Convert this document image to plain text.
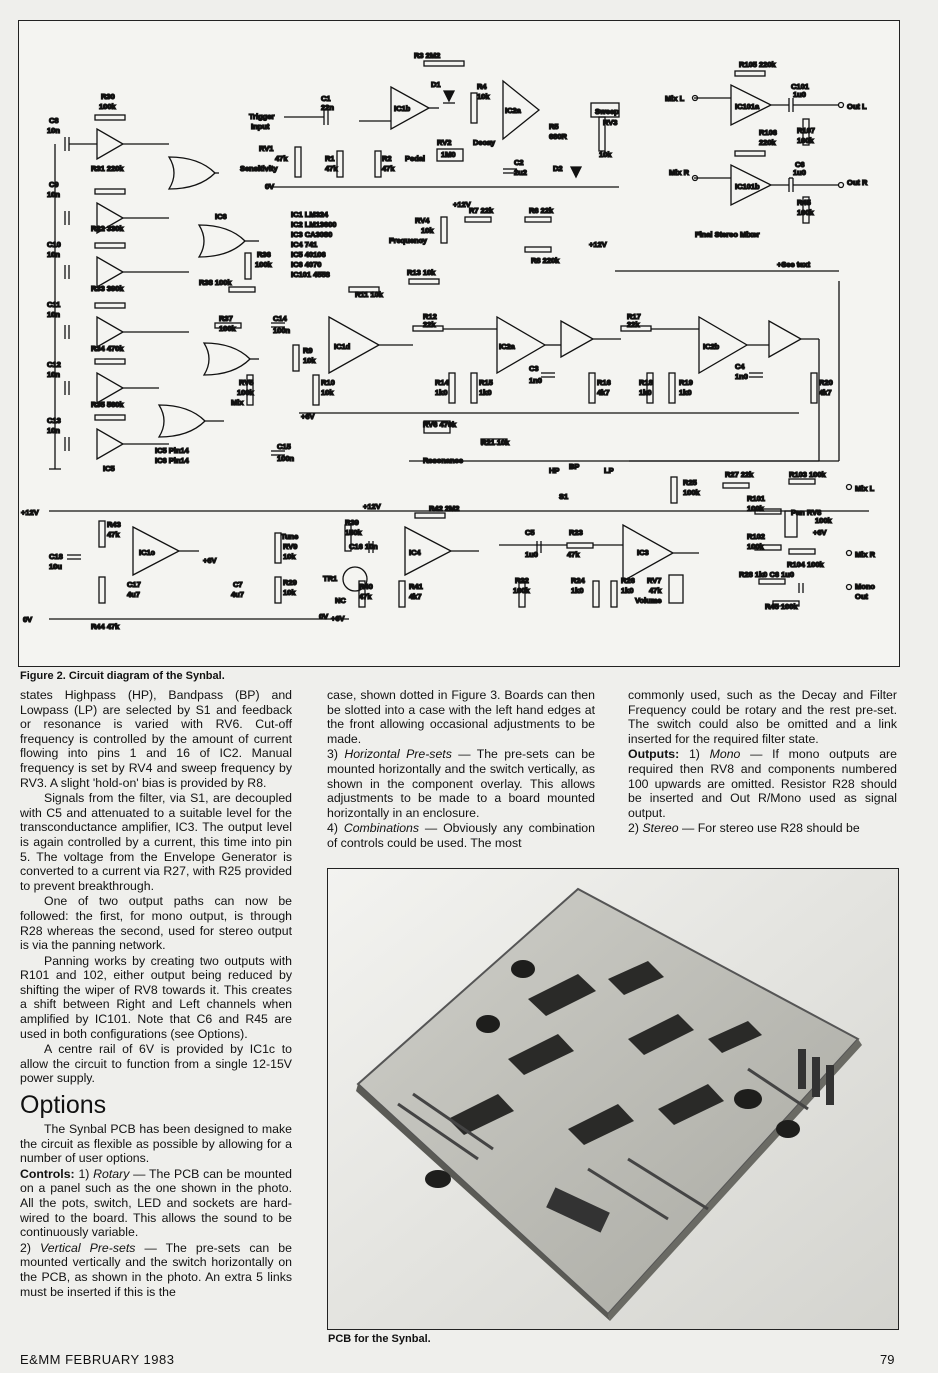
Trigger
Input
RV1
47k
Sensitivity
0V
C1
22n
R1
47k
R2
47k
R3 2M2
D1	R4
10k
IC1b
RV2
1M0
Decay
Pedal	C2
2u2
IC2a
R5
680R
D2
Sweep
RV3
10k
R30
100k
C8
10n
R31 220k
C9
10n
R32 330k
C10
10n
R33 390k
C11
10n
R34 470k
C12
10n
R35 560k
C13
10n
IC5
IC6
R36
100k
R38 100k
R37
100k
C14
100n
RV5
100k
Mix
C15
100n
IC5 Pin14
IC6 Pin14
IC1 LM324
IC2 LM13600
IC3 CA3080
IC4 741
IC5 40106
IC6 4070
IC101 4558
+12V
RV4
10k
Frequency
R7 22k	R6 22k
R8 220k
+12V
R13 10k
R11 10k
R12
22k
IC1d
R9
10k
R10
10k
+6V
IC2a
R14
1k0
R15
1k0
C3
1n0	R16
4k7
R17
22k
IC2b
R18
1k0
R19
1k0
C4
1n0
R20
4k7
RV6 470k
R21 10k
Resonance
HP BP	LP
S1
R105 220k
C101
1u0
Mix L
IC101a	Out L
R106
220k
R107
100k
Mix R
IC101b
C6
1u0
Out R
R45
100k
Final Stereo Mixer
+See text
R25
100k
R27 22k	R103 100k
Mix L
R101
100k	Pan RV8
100k
+6V
R102
100k
R104 100k
Mix R
R28 1k0 C6 1u0
Mono
Out
R45 100k
+12V
R43
47k
IC1c
+6V
C18
10u
C17
4u7
0V
R44 47k
C7
4u7
Tune
RV9
10k
R29
10k
0V
+12V
R39
150k
C16 10n
R42 2M2
IC4
TR1
NC
R40
47k
R41
4k7
+6V
C5
1u0
R23
47k
R22
100k
R24
1k0
R26
1k0
IC3
RV7
47k
Volume
Figure 2. Circuit diagram of the Synbal.

states Highpass (HP), Bandpass (BP) and Lowpass (LP) are selected by S1 and feedback or resonance is varied with RV6. Cut-off frequency is controlled by the amount of current flowing into pins 1 and 16 of IC2. Manual frequency is set by RV4 and sweep frequency by RV3. A slight 'hold-on' bias is provided by R8.

Signals from the filter, via S1, are decoupled with C5 and attenuated to a suitable level for the transconductance amplifier, IC3. The output level is again controlled by a current, this time into pin 5. The voltage from the Envelope Generator is converted to a current via R27, with R25 provided to prevent breakthrough.

One of two output paths can now be followed: the first, for mono output, is through R28 whereas the second, used for stereo output is via the panning network.

Panning works by creating two outputs with R101 and 102, either output being reduced by shifting the wiper of RV8 towards it. This creates a shift between Right and Left channels when amplified by IC101. Note that C6 and R45 are used in both configurations (see Options).

A centre rail of 6V is provided by IC1c to allow the circuit to function from a single 12-15V power supply.

Options

The Synbal PCB has been designed to make the circuit as flexible as possible by allowing for a number of user options.

Controls: 1) Rotary — The PCB can be mounted on a panel such as the one shown in the photo. All the pots, switch, LED and sockets are hard-wired to the board. This allows the sound to be continuously variable.

2) Vertical Pre-sets — The pre-sets can be mounted vertically and the switch horizontally on the PCB, as shown in the photo. An extra 5 links must be inserted if this is the

case, shown dotted in Figure 3. Boards can then be slotted into a case with the left hand edges at the front allowing occasional adjustments to be made.

3) Horizontal Pre-sets — The pre-sets can be mounted horizontally and the switch vertically, as shown in the component overlay. This allows adjustments to be made to a board mounted horizontally in an enclosure.

4) Combinations — Obviously any combination of controls could be used. The most

commonly used, such as the Decay and Filter Frequency could be rotary and the rest pre-set. The switch could also be omitted and a link inserted for the required filter state.

Outputs: 1) Mono — If mono outputs are required then RV8 and components numbered 100 upwards are omitted. Resistor R28 should be inserted and Out R/Mono used as signal output.

2) Stereo — For stereo use R28 should be

PCB for the Synbal.
E&MM FEBRUARY 1983	79
